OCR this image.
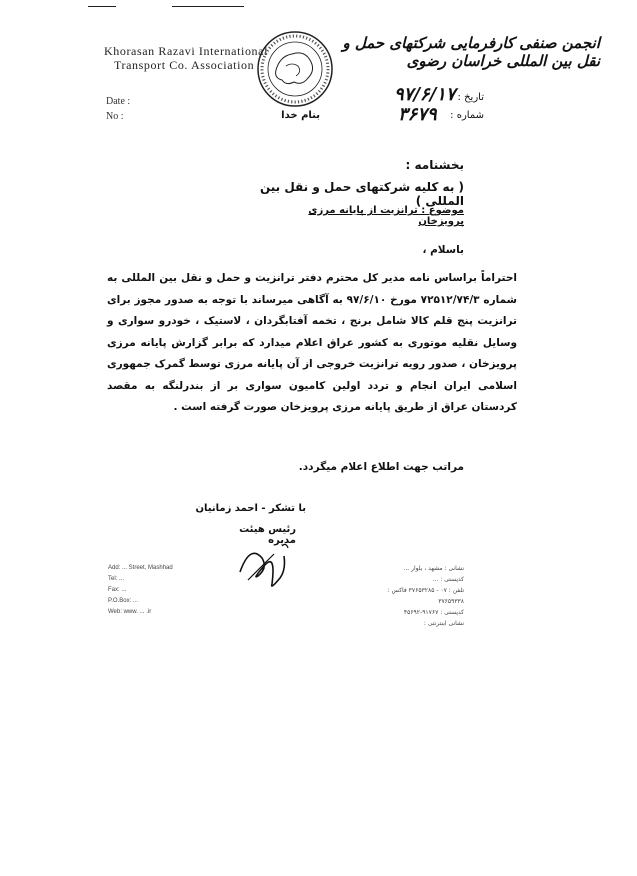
Khorasan Razavi International
Transport Co. Association
انجمن صنفی کارفرمایی شرکتهای حمل و نقل بین المللی خراسان رضوی
Date :
No :
تاریخ :
شماره :
۹۷/۶/۱۷
۳۶۷۹
بنام خدا
بخشنامه :
( به کلیه شرکتهای حمل و نقل بین المللی )
موضوع : ترانزیت از پایانه مرزی پرویزخان
باسلام ،
احتراماً براساس نامه مدیر کل محترم دفتر ترانزیت و حمل و نقل بین المللی به شماره ۷۲۵۱۲/۷۴/۳ مورخ ۹۷/۶/۱۰ به آگاهی میرساند با توجه به صدور مجوز برای ترانزیت پنج قلم کالا شامل برنج ، تخمه آفتابگردان ، لاستیک ، خودرو سواری و وسایل نقلیه موتوری به کشور عراق اعلام میدارد که برابر گزارش پایانه مرزی پرویزخان ، صدور رویه ترانزیت خروجی از آن پایانه مرزی توسط گمرک جمهوری اسلامی ایران انجام و تردد اولین کامیون سواری بر از بندرلنگه به مقصد کردستان عراق از طریق پایانه مرزی پرویزخان صورت گرفته است .
مراتب جهت اطلاع اعلام میگردد.
با تشکر - احمد زمانیان
رئیس هیئت مدیره
Add: ... Street, Mashhad
Tel: ...
Fax: ...
P.O.Box: ...
Web: www. ... .ir
نشانی : مشهد ، بلوار ...
کدپستی : ...
تلفن : ۰۷ - ۳۷۶۵۳۲۸۵ فاکس : ۳۷۶۵۹۳۳۸
کدپستی : ۹۱۷۶۷-۴۵۶۹۲
نشانی اینترنتی :
